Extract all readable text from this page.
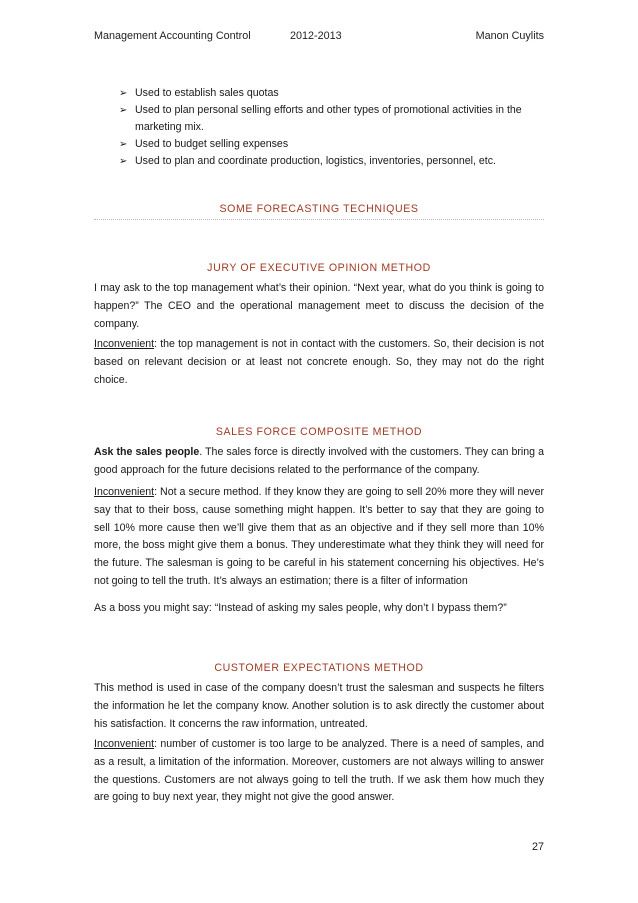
Management Accounting Control	2012-2013	Manon Cuylits
➢ Used to establish sales quotas
➢ Used to plan personal selling efforts and other types of promotional activities in the marketing mix.
➢ Used to budget selling expenses
➢ Used to plan and coordinate production, logistics, inventories, personnel, etc.
SOME FORECASTING TECHNIQUES
JURY OF EXECUTIVE OPINION METHOD

I may ask to the top management what’s their opinion. “Next year, what do you think is going to happen?” The CEO and the operational management meet to discuss the decision of the company.

Inconvenient: the top management is not in contact with the customers. So, their decision is not based on relevant decision or at least not concrete enough. So, they may not do the right choice.

SALES FORCE COMPOSITE METHOD

Ask the sales people. The sales force is directly involved with the customers. They can bring a good approach for the future decisions related to the performance of the company.

Inconvenient: Not a secure method. If they know they are going to sell 20% more they will never say that to their boss, cause something might happen. It’s better to say that they are going to sell 10% more cause then we’ll give them that as an objective and if they sell more than 10% more, the boss might give them a bonus. They underestimate what they think they will need for the future. The salesman is going to be careful in his statement concerning his objectives. He’s not going to tell the truth. It’s always an estimation; there is a filter of information

As a boss you might say: “Instead of asking my sales people, why don’t I bypass them?”

CUSTOMER EXPECTATIONS METHOD

This method is used in case of the company doesn’t trust the salesman and suspects he filters the information he let the company know. Another solution is to ask directly the customer about his satisfaction. It concerns the raw information, untreated.

Inconvenient: number of customer is too large to be analyzed. There is a need of samples, and as a result, a limitation of the information. Moreover, customers are not always willing to answer the questions. Customers are not always going to tell the truth. If we ask them how much they are going to buy next year, they might not give the good answer.

27
